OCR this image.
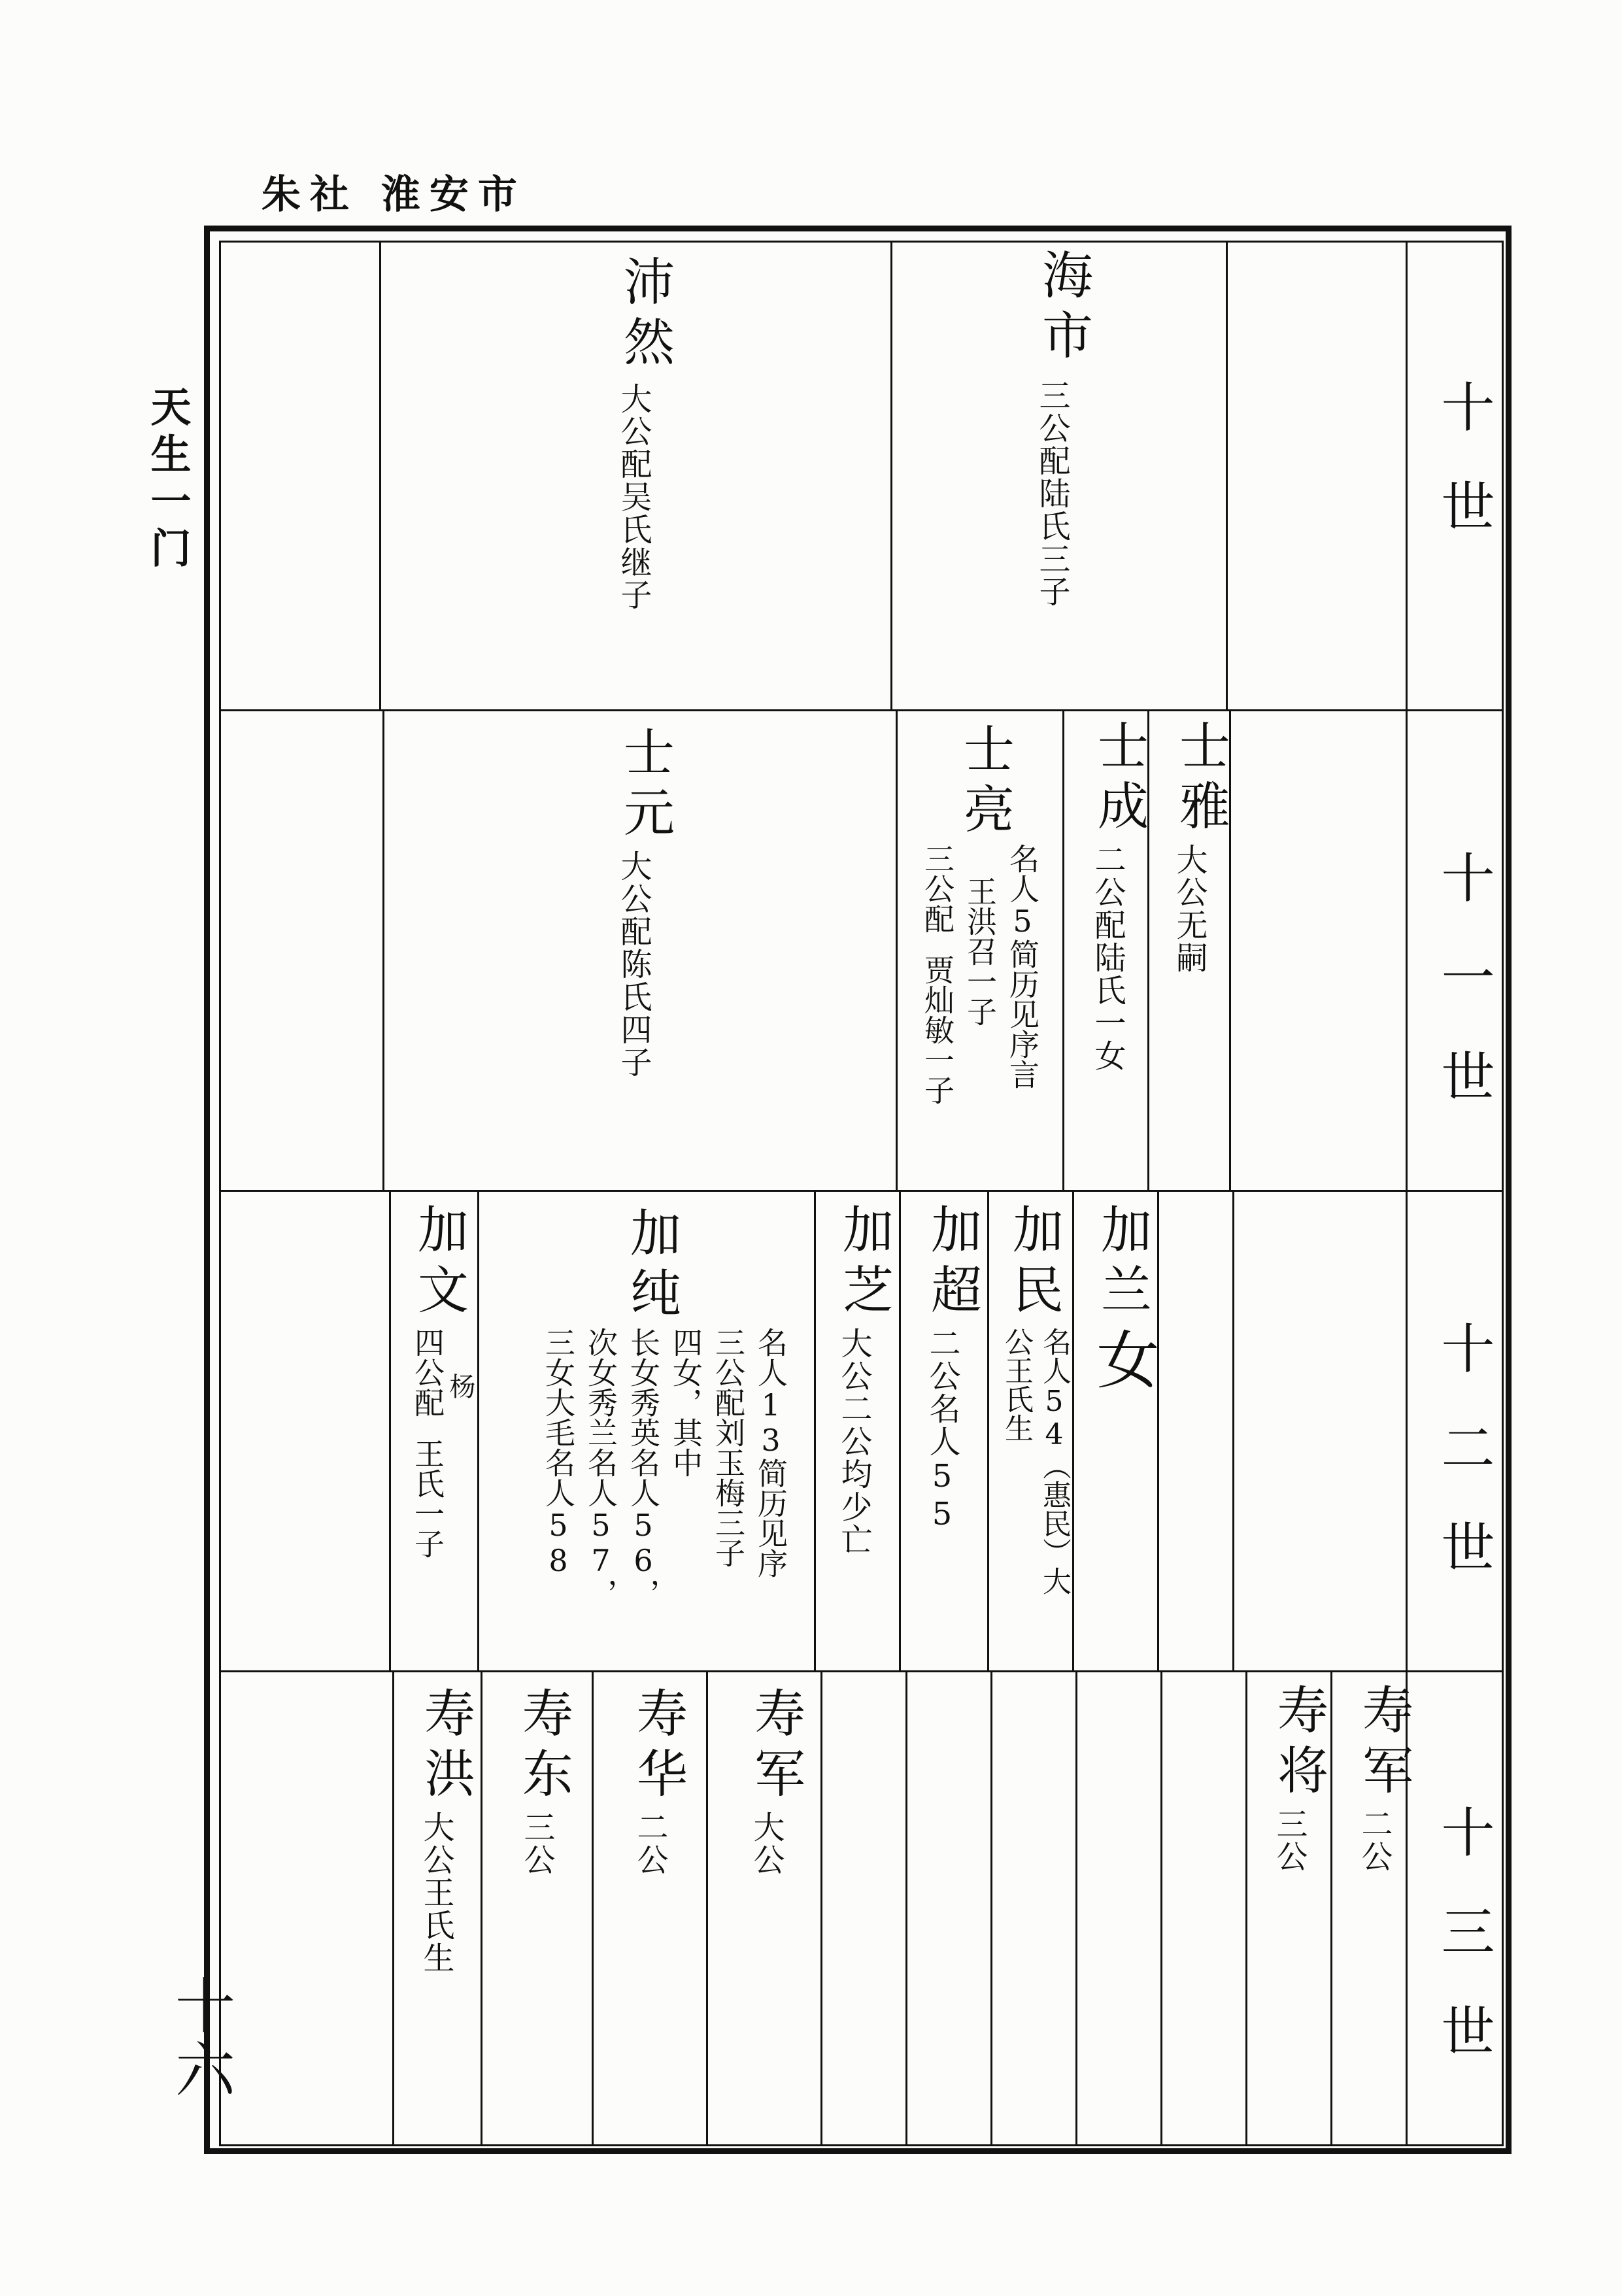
朱社 淮安市
天生一门
十六
十世
十一世
十二世
十三世
沛然
大公配吴氏继子
海市
三公配陆氏三子
士元
大公配陈氏四子
士亮
名人5简历见序言
王洪召一子
三公配
贾灿敏一子
士成
二公配陆氏一女
士雅
大公无嗣
加文
杨
四公配
王氏一子
加纯
名人13简历见序
三公配刘玉梅三子
四女，其中
长女秀英名人56，
次女秀兰名人57，
三女大毛名人58
加芝
大公二公均少亡
加超
二公名人55
加民
名人54（惠民）大
公王氏生
加兰
女
寿洪
大公王氏生
寿东
三公
寿华
二公
寿军
大公
寿将
三公
寿军
二公
